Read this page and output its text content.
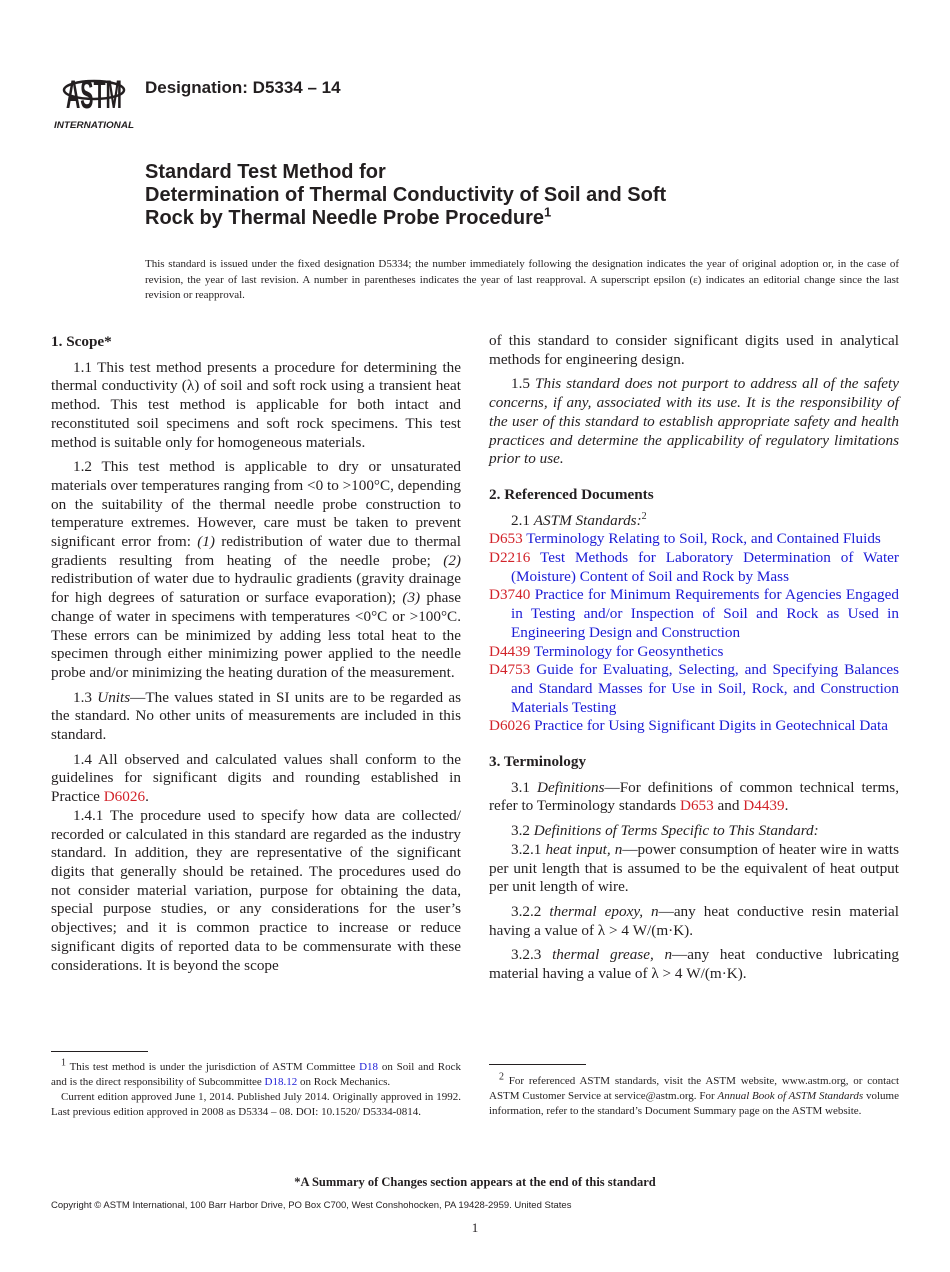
ASTM
INTERNATIONAL
Designation: D5334 – 14
Standard Test Method for
Determination of Thermal Conductivity of Soil and Soft
Rock by Thermal Needle Probe Procedure$^1$
This standard is issued under the fixed designation D5334; the number immediately following the designation indicates the year of original adoption or, in the case of revision, the year of last revision. A number in parentheses indicates the year of last reapproval. A superscript epsilon (ε) indicates an editorial change since the last revision or reapproval.
1. Scope*

1.1 This test method presents a procedure for determining the thermal conductivity (λ) of soil and soft rock using a transient heat method. This test method is applicable for both intact and reconstituted soil specimens and soft rock specimens. This test method is suitable only for homogeneous materials.

1.2 This test method is applicable to dry or unsaturated materials over temperatures ranging from <0 to >100°C, depending on the suitability of the thermal needle probe construction to temperature extremes. However, care must be taken to prevent significant error from: (1) redistribution of water due to thermal gradients resulting from heating of the needle probe; (2) redistribution of water due to hydraulic gradients (gravity drainage for high degrees of saturation or surface evaporation); (3) phase change of water in specimens with temperatures <0°C or >100°C. These errors can be minimized by adding less total heat to the specimen through either minimizing power applied to the needle probe and/or minimizing the heating duration of the measurement.

1.3 Units—The values stated in SI units are to be regarded as the standard. No other units of measurements are included in this standard.

1.4 All observed and calculated values shall conform to the guidelines for significant digits and rounding established in Practice D6026.

1.4.1 The procedure used to specify how data are collected/ recorded or calculated in this standard are regarded as the industry standard. In addition, they are representative of the significant digits that generally should be retained. The procedures used do not consider material variation, purpose for obtaining the data, special purpose studies, or any considerations for the user’s objectives; and it is common practice to increase or reduce significant digits of reported data to be commensurate with these considerations. It is beyond the scope

of this standard to consider significant digits used in analytical methods for engineering design.

1.5 This standard does not purport to address all of the safety concerns, if any, associated with its use. It is the responsibility of the user of this standard to establish appropriate safety and health practices and determine the applicability of regulatory limitations prior to use.

2. Referenced Documents

2.1 ASTM Standards:$^2$

D653 Terminology Relating to Soil, Rock, and Contained Fluids

D2216 Test Methods for Laboratory Determination of Water (Moisture) Content of Soil and Rock by Mass

D3740 Practice for Minimum Requirements for Agencies Engaged in Testing and/or Inspection of Soil and Rock as Used in Engineering Design and Construction

D4439 Terminology for Geosynthetics

D4753 Guide for Evaluating, Selecting, and Specifying Balances and Standard Masses for Use in Soil, Rock, and Construction Materials Testing

D6026 Practice for Using Significant Digits in Geotechnical Data

3. Terminology

3.1 Definitions—For definitions of common technical terms, refer to Terminology standards D653 and D4439.

3.2 Definitions of Terms Specific to This Standard:

3.2.1 heat input, n—power consumption of heater wire in watts per unit length that is assumed to be the equivalent of heat output per unit length of wire.

3.2.2 thermal epoxy, n—any heat conductive resin material having a value of λ > 4 W/(m·K).

3.2.3 thermal grease, n—any heat conductive lubricating material having a value of λ > 4 W/(m·K).

$^1$ This test method is under the jurisdiction of ASTM Committee D18 on Soil and Rock and is the direct responsibility of Subcommittee D18.12 on Rock Mechanics.

Current edition approved June 1, 2014. Published July 2014. Originally approved in 1992. Last previous edition approved in 2008 as D5334 – 08. DOI: 10.1520/ D5334-0814.

$^2$ For referenced ASTM standards, visit the ASTM website, www.astm.org, or contact ASTM Customer Service at service@astm.org. For Annual Book of ASTM Standards volume information, refer to the standard’s Document Summary page on the ASTM website.

*A Summary of Changes section appears at the end of this standard
Copyright © ASTM International, 100 Barr Harbor Drive, PO Box C700, West Conshohocken, PA 19428-2959. United States
1
